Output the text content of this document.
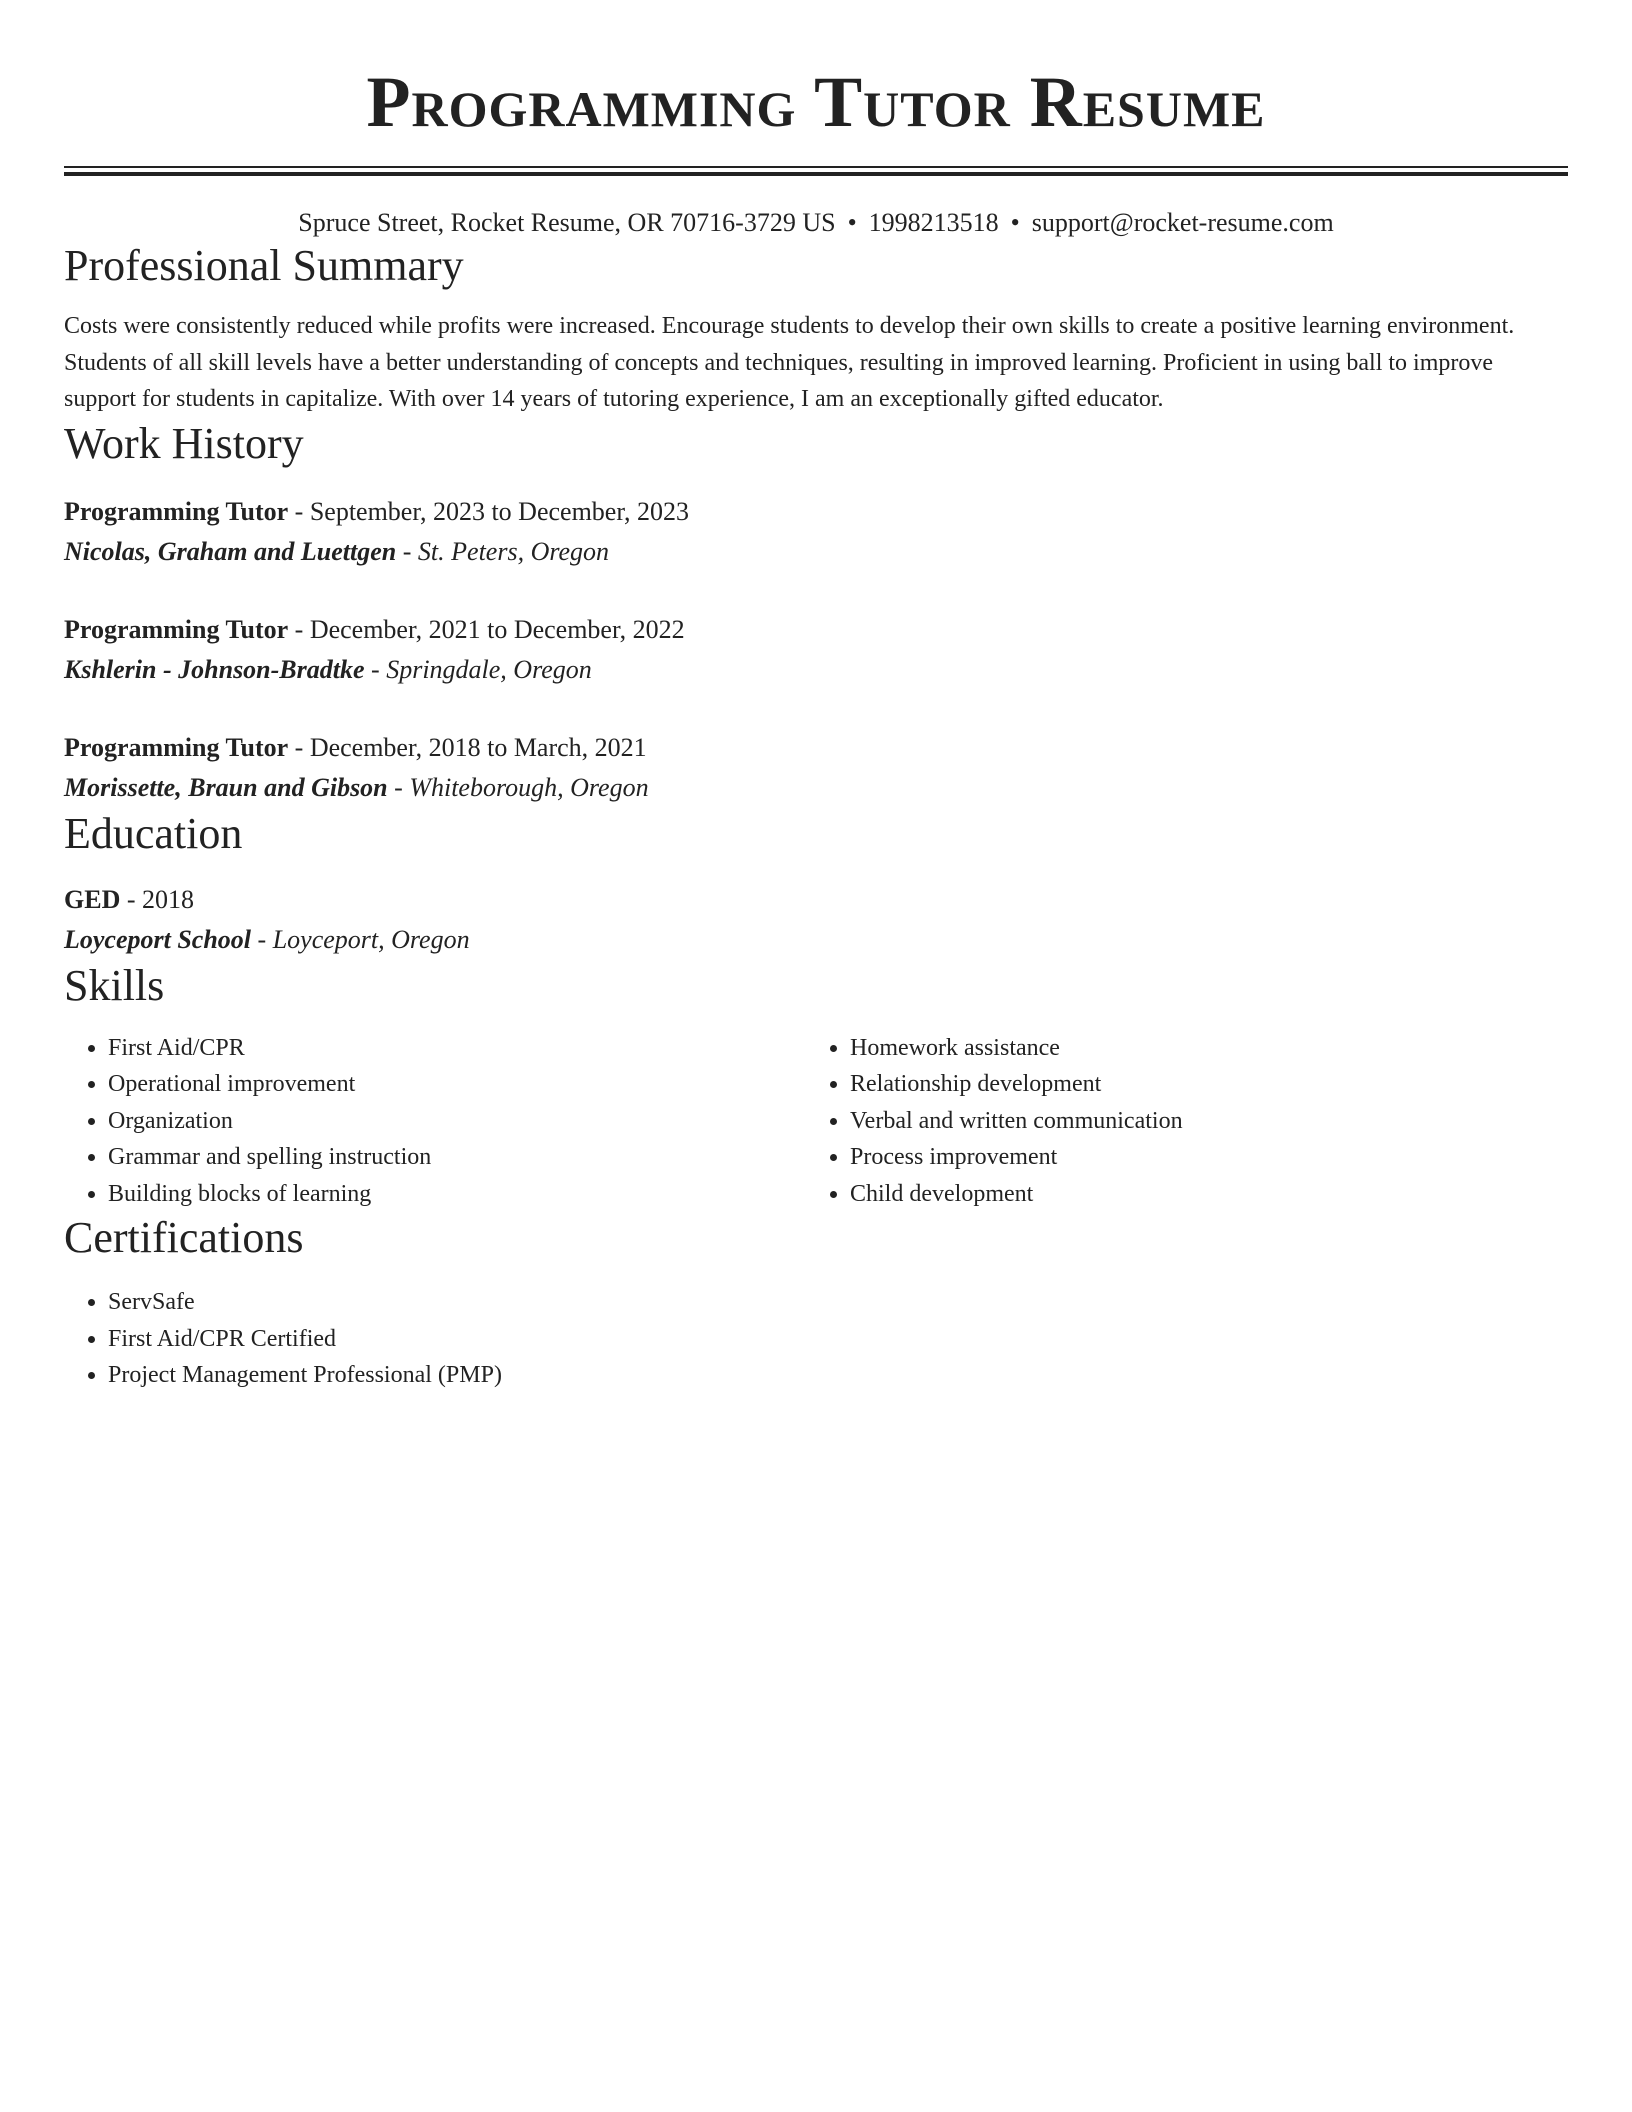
Programming Tutor Resume
Spruce Street, Rocket Resume, OR 70716-3729 US • 1998213518 • support@rocket-resume.com
Professional Summary

Costs were consistently reduced while profits were increased. Encourage students to develop their own skills to create a positive learning environment. Students of all skill levels have a better understanding of concepts and techniques, resulting in improved learning. Proficient in using ball to improve support for students in capitalize. With over 14 years of tutoring experience, I am an exceptionally gifted educator.

Work History
Programming Tutor - September, 2023 to December, 2023
Nicolas, Graham and Luettgen - St. Peters, Oregon
Programming Tutor - December, 2021 to December, 2022
Kshlerin - Johnson-Bradtke - Springdale, Oregon
Programming Tutor - December, 2018 to March, 2021
Morissette, Braun and Gibson - Whiteborough, Oregon
Education
GED - 2018
Loyceport School - Loyceport, Oregon
Skills
• First Aid/CPR
• Operational improvement
• Organization
• Grammar and spelling instruction
• Building blocks of learning
• Homework assistance
• Relationship development
• Verbal and written communication
• Process improvement
• Child development
Certifications
• ServSafe
• First Aid/CPR Certified
• Project Management Professional (PMP)
